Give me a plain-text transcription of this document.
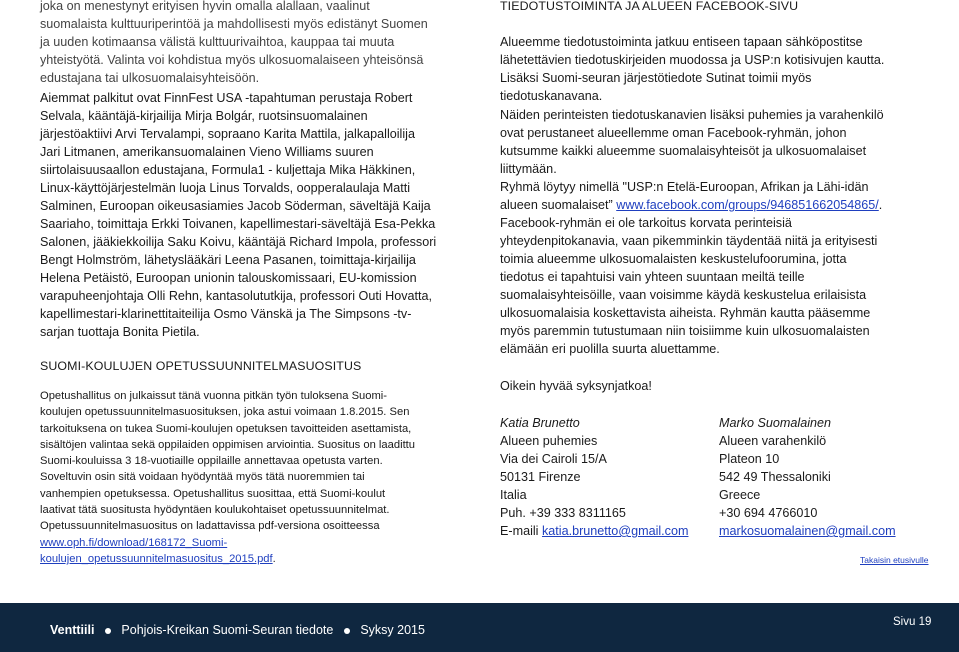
joka on menestynyt erityisen hyvin omalla alallaan, vaalinut
suomalaista kulttuuriperintöä ja mahdollisesti myös edistänyt Suomen
ja uuden kotimaansa välistä kulttuurivaihtoa, kauppaa tai muuta
yhteistyötä. Valinta voi kohdistua myös ulkosuomalaiseen yhteisönsä
edustajana tai ulkosuomalaisyhteisöön.
Aiemmat palkitut ovat FinnFest USA -tapahtuman perustaja Robert
Selvala, kääntäjä-kirjailija Mirja Bolgár, ruotsinsuomalainen
järjestöaktiivi Arvi Tervalampi, sopraano Karita Mattila, jalkapalloilija
Jari Litmanen, amerikansuomalainen Vieno Williams suuren
siirtolaisuusaallon edustajana, Formula1 - kuljettaja Mika Häkkinen,
Linux-käyttöjärjestelmän luoja Linus Torvalds, oopperalaulaja Matti
Salminen, Euroopan oikeusasiamies Jacob Söderman, säveltäjä Kaija
Saariaho, toimittaja Erkki Toivanen, kapellimestari-säveltäjä Esa-Pekka
Salonen, jääkiekkoilija Saku Koivu, kääntäjä Richard Impola, professori
Bengt Holmström, lähetyslääkäri Leena Pasanen, toimittaja-kirjailija
Helena Petäistö, Euroopan unionin talouskomissaari, EU-komission
varapuheenjohtaja Olli Rehn, kantasolututkija, professori Outi Hovatta,
kapellimestari-klarinettitaiteilija Osmo Vänskä ja The Simpsons -tv-
sarjan tuottaja Bonita Pietila.
SUOMI-KOULUJEN OPETUSSUUNNITELMASUOSITUS
Opetushallitus on julkaissut tänä vuonna pitkän työn tuloksena Suomi-
koulujen opetussuunnitelmasuosituksen, joka astui voimaan 1.8.2015. Sen
tarkoituksena on tukea Suomi-koulujen opetuksen tavoitteiden asettamista,
sisältöjen valintaa sekä oppilaiden oppimisen arviointia. Suositus on laadittu
Suomi-kouluissa 3 18-vuotiaille oppilaille annettavaa opetusta varten.
Soveltuvin osin sitä voidaan hyödyntää myös tätä nuoremmien tai
vanhempien opetuksessa. Opetushallitus suosittaa, että Suomi-koulut
laativat tätä suositusta hyödyntäen koulukohtaiset opetussuunnitelmat.
Opetussuunnitelmasuositus on ladattavissa pdf-versiona osoitteessa
www.oph.fi/download/168172_Suomi-
koulujen_opetussuunnitelmasuositus_2015.pdf.
TIEDOTUSTOIMINTA JA ALUEEN FACEBOOK-SIVU
Alueemme tiedotustoiminta jatkuu entiseen tapaan sähköpostitse
lähetettävien tiedotuskirjeiden muodossa ja USP:n kotisivujen kautta.
Lisäksi Suomi-seuran järjestötiedote Sutinat toimii myös
tiedotuskanavana.
Näiden perinteisten tiedotuskanavien lisäksi puhemies ja varahenkilö
ovat perustaneet alueellemme oman Facebook-ryhmän, johon
kutsumme kaikki alueemme suomalaisyhteisöt ja ulkosuomalaiset
liittymään.
Ryhmä löytyy nimellä "USP:n Etelä-Euroopan, Afrikan ja Lähi-idän
alueen suomalaiset” www.facebook.com/groups/946851662054865/.
Facebook-ryhmän ei ole tarkoitus korvata perinteisiä
yhteydenpitokanavia, vaan pikemminkin täydentää niitä ja erityisesti
toimia alueemme ulkosuomalaisten keskustelufoorumina, jotta
tiedotus ei tapahtuisi vain yhteen suuntaan meiltä teille
suomalaisyhteisöille, vaan voisimme käydä keskustelua erilaisista
ulkosuomalaisia koskettavista aiheista. Ryhmän kautta pääsemme
myös paremmin tutustumaan niin toisiimme kuin ulkosuomalaisten
elämään eri puolilla suurta aluettamme.
Oikein hyvää syksynjatkoa!
Katia Brunetto
Alueen puhemies
Via dei Cairoli 15/A
50131 Firenze
Italia
Puh. +39 333 8311165
E-maili katia.brunetto@gmail.com
Marko Suomalainen
Alueen varahenkilö
Plateon 10
542 49 Thessaloniki
Greece
+30 694 4766010
markosuomalainen@gmail.com
Takaisin etusivulle
Venttiili Pohjois-Kreikan Suomi-Seuran tiedote Syksy 2015
Sivu 19
